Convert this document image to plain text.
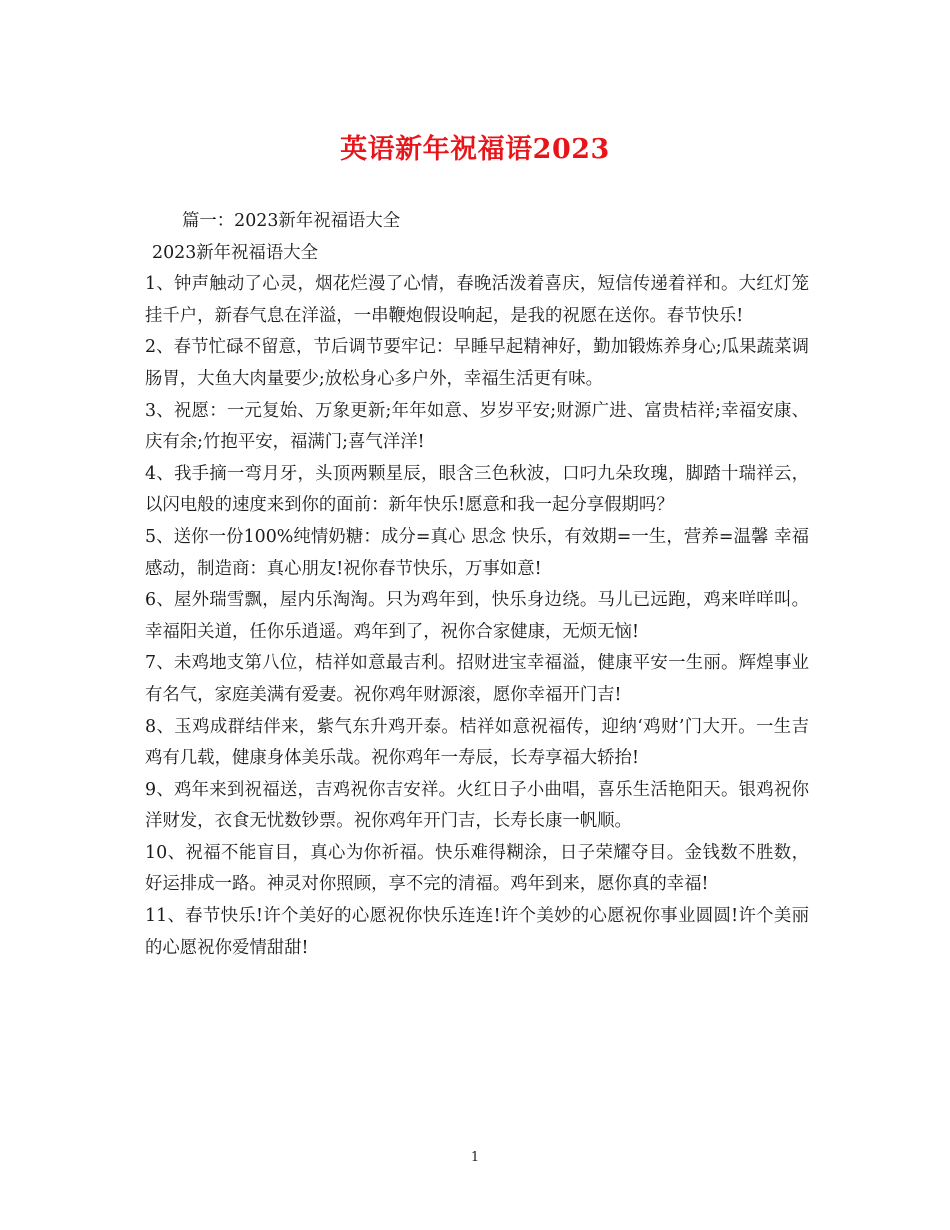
英语新年祝福语2023

篇一：2023新年祝福语大全

2023新年祝福语大全

1、钟声触动了心灵，烟花烂漫了心情，春晚活泼着喜庆，短信传递着祥和。大红灯笼挂千户，新春气息在洋溢，一串鞭炮假设响起，是我的祝愿在送你。春节快乐!

2、春节忙碌不留意，节后调节要牢记：早睡早起精神好，勤加锻炼养身心;瓜果蔬菜调肠胃，大鱼大肉量要少;放松身心多户外，幸福生活更有味。

3、祝愿：一元复始、万象更新;年年如意、岁岁平安;财源广进、富贵桔祥;幸福安康、庆有余;竹抱平安，福满门;喜气洋洋!

4、我手摘一弯月牙，头顶两颗星辰，眼含三色秋波，口叼九朵玫瑰，脚踏十瑞祥云，以闪电般的速度来到你的面前：新年快乐!愿意和我一起分享假期吗？

5、送你一份100%纯情奶糖：成分=真心 思念 快乐，有效期=一生，营养=温馨 幸福 感动，制造商：真心朋友!祝你春节快乐，万事如意!

6、屋外瑞雪飘，屋内乐淘淘。只为鸡年到，快乐身边绕。马儿已远跑，鸡来咩咩叫。幸福阳关道，任你乐逍遥。鸡年到了，祝你合家健康，无烦无恼!

7、未鸡地支第八位，桔祥如意最吉利。招财进宝幸福溢，健康平安一生丽。辉煌事业有名气，家庭美满有爱妻。祝你鸡年财源滚，愿你幸福开门吉!

8、玉鸡成群结伴来，紫气东升鸡开泰。桔祥如意祝福传，迎纳‘鸡财’门大开。一生吉鸡有几载，健康身体美乐哉。祝你鸡年一寿辰，长寿享福大轿抬!

9、鸡年来到祝福送，吉鸡祝你吉安祥。火红日子小曲唱，喜乐生活艳阳天。银鸡祝你洋财发，衣食无忧数钞票。祝你鸡年开门吉，长寿长康一帆顺。

10、祝福不能盲目，真心为你祈福。快乐难得糊涂，日子荣耀夺目。金钱数不胜数，好运排成一路。神灵对你照顾，享不完的清福。鸡年到来，愿你真的幸福!

11、春节快乐!许个美好的心愿祝你快乐连连!许个美妙的心愿祝你事业圆圆!许个美丽的心愿祝你爱情甜甜!

1
